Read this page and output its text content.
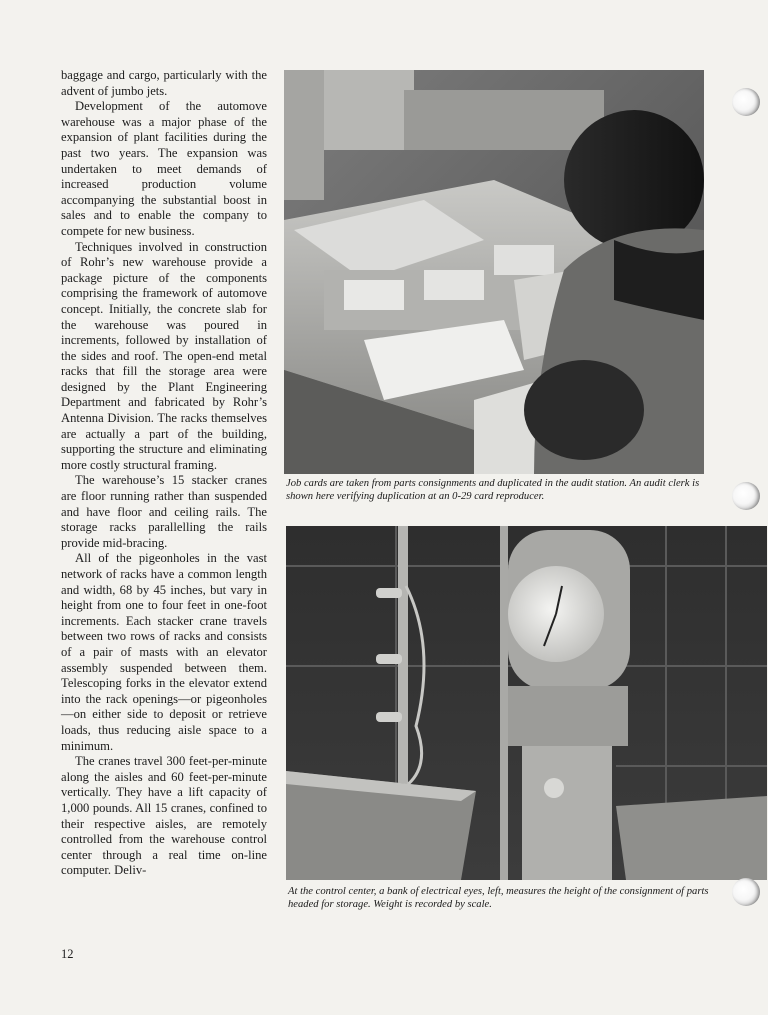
baggage and cargo, particularly with the advent of jumbo jets.

Development of the automove warehouse was a major phase of the expansion of plant facilities during the past two years. The expansion was undertaken to meet demands of increased production volume accompanying the substantial boost in sales and to enable the company to compete for new business.

Techniques involved in construction of Rohr’s new warehouse provide a package picture of the components comprising the framework of automove concept. Initially, the concrete slab for the warehouse was poured in increments, followed by installation of the sides and roof. The open-end metal racks that fill the storage area were designed by the Plant Engineering Department and fabricated by Rohr’s Antenna Division. The racks themselves are actually a part of the building, supporting the structure and eliminating more costly structural framing.

The warehouse’s 15 stacker cranes are floor running rather than suspended and have floor and ceiling rails. The storage racks parallelling the rails provide mid-bracing.

All of the pigeonholes in the vast network of racks have a common length and width, 68 by 45 inches, but vary in height from one to four feet in one-foot increments. Each stacker crane travels between two rows of racks and consists of a pair of masts with an elevator assembly suspended between them. Telescoping forks in the elevator extend into the rack openings—or pigeonholes—on either side to deposit or retrieve loads, thus reducing aisle space to a minimum.

The cranes travel 300 feet-per-minute along the aisles and 60 feet-per-minute vertically. They have a lift capacity of 1,000 pounds. All 15 cranes, confined to their respective aisles, are remotely controlled from the warehouse control center through a real time on-line computer. Deliv-

Job cards are taken from parts consignments and duplicated in the audit station. An audit clerk is shown here verifying duplication at an 0-29 card reproducer.
At the control center, a bank of electrical eyes, left, measures the height of the consignment of parts headed for storage. Weight is recorded by scale.
12
